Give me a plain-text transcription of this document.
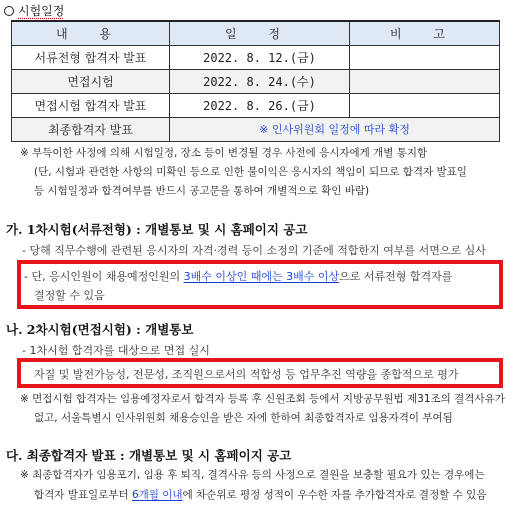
시험일정
내 용	일 정	비 고
서류전형 합격자 발표	2022. 8. 12.(금)	
면접시험	2022. 8. 24.(수)	
면접시험 합격자 발표	2022. 8. 26.(금)	
최종합격자 발표	※ 인사위원회 일정에 따라 확정	
※ 부득이한 사정에 의해 시험일정, 장소 등이 변경될 경우 사전에 응시자에게 개별 통지함
(단, 시험과 관련한 사항의 미확인 등으로 인한 불이익은 응시자의 책임이 되므로 합격자 발표일
등 시험일정과 합격여부를 반드시 공고문을 통하여 개별적으로 확인 바람)
가. 1차시험(서류전형) : 개별통보 및 시 홈페이지 공고
- 당해 직무수행에 관련된 응시자의 자격·경력 등이 소정의 기준에 적합한지 여부를 서면으로 심사
- 단, 응시인원이 채용예정인원의 3배수 이상인 때에는 3배수 이상으로 서류전형 합격자를
결정할 수 있음
나. 2차시험(면접시험) : 개별통보
- 1차시험 합격자를 대상으로 면접 실시
자질 및 발전가능성, 전문성, 조직원으로서의 적합성 등 업무추진 역량을 종합적으로 평가
※ 면접시험 합격자는 임용예정자로서 합격자 등록 후 신원조회 등에서 지방공무원법 제31조의 결격사유가
없고, 서울특별시 인사위원회 채용승인을 받은 자에 한하여 최종합격자로 임용자격이 부여됨
다. 최종합격자 발표 : 개별통보 및 시 홈페이지 공고
※ 최종합격자가 임용포기, 임용 후 퇴직, 결격사유 등의 사정으로 결원을 보충할 필요가 있는 경우에는
합격자 발표일로부터 6개월 이내에 차순위로 평정 성적이 우수한 자를 추가합격자로 결정할 수 있음
